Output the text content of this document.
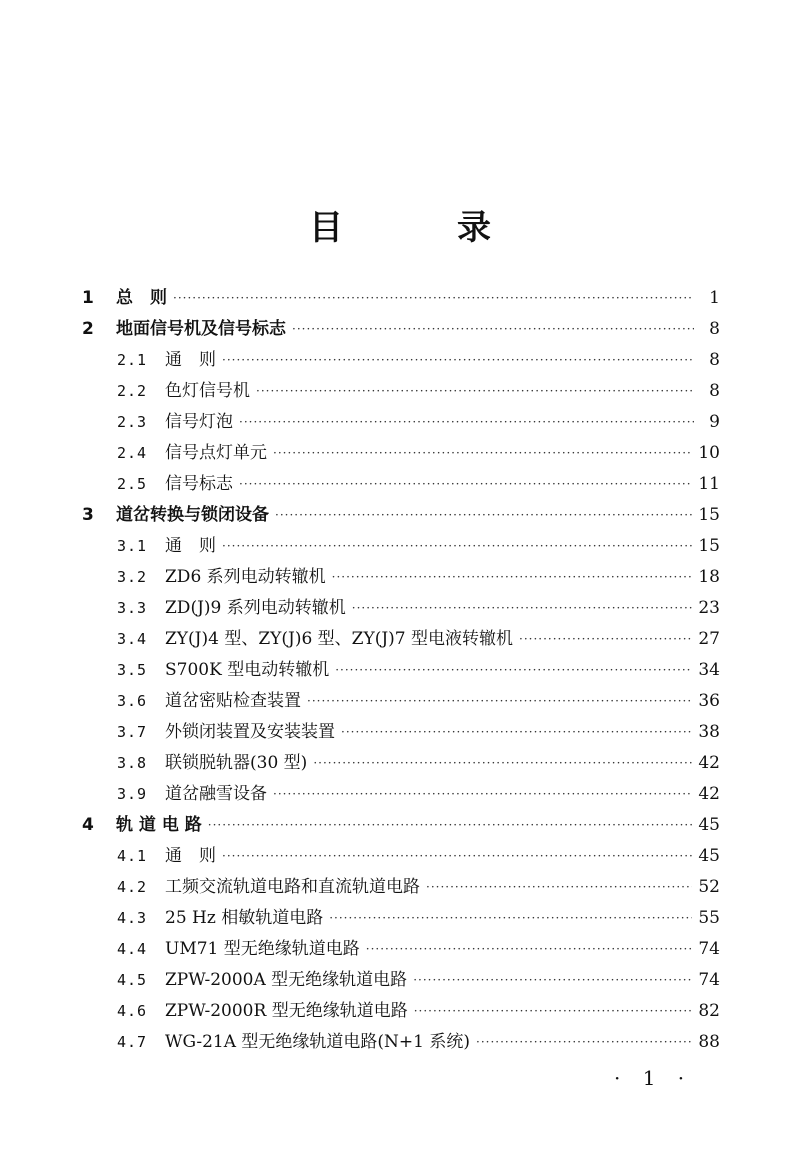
目　录
1	总　则 ·····	1
2	地面信号机及信号标志 ·····	8
2.1	通　则 ·····	8
2.2	色灯信号机 ·····	8
2.3	信号灯泡 ·····	9
2.4	信号点灯单元 ·····	10
2.5	信号标志 ·····	11
3	道岔转换与锁闭设备 ·····	15
3.1	通　则 ·····	15
3.2	ZD6 系列电动转辙机 ·····	18
3.3	ZD(J)9 系列电动转辙机 ·····	23
3.4	ZY(J)4 型、ZY(J)6 型、ZY(J)7 型电液转辙机 ·····	27
3.5	S700K 型电动转辙机 ·····	34
3.6	道岔密贴检查装置 ·····	36
3.7	外锁闭装置及安装装置 ·····	38
3.8	联锁脱轨器(30 型) ·····	42
3.9	道岔融雪设备 ·····	42
4	轨 道 电 路 ·····	45
4.1	通　则 ·····	45
4.2	工频交流轨道电路和直流轨道电路 ·····	52
4.3	25 Hz 相敏轨道电路 ·····	55
4.4	UM71 型无绝缘轨道电路 ·····	74
4.5	ZPW-2000A 型无绝缘轨道电路 ·····	74
4.6	ZPW-2000R 型无绝缘轨道电路 ·····	82
4.7	WG-21A 型无绝缘轨道电路(N+1 系统) ·····	88
· 1 ·
